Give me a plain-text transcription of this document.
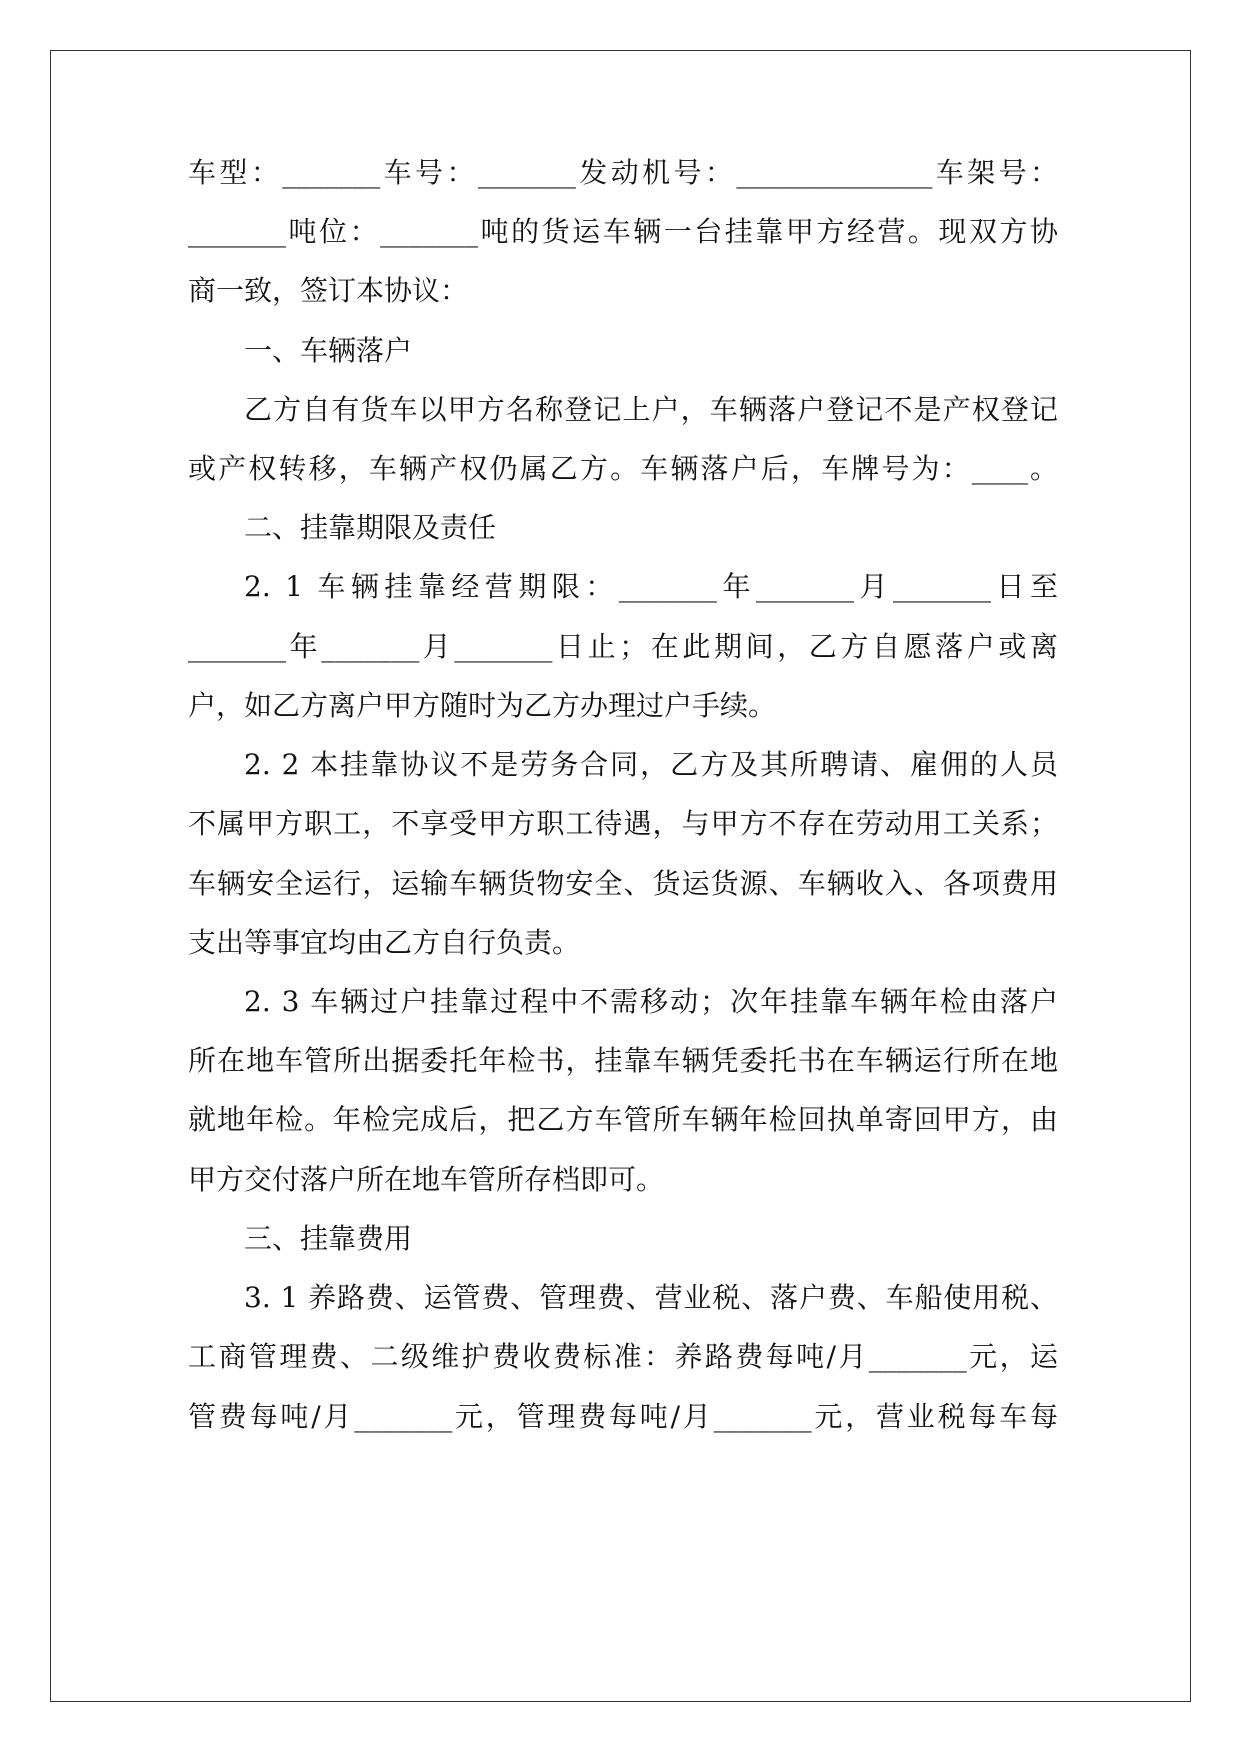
车型：_______车号：_______发动机号：______________车架号：
_______吨位：_______吨的货运车辆一台挂靠甲方经营。现双方协
商一致，签订本协议：
一、车辆落户
乙方自有货车以甲方名称登记上户，车辆落户登记不是产权登记
或产权转移，车辆产权仍属乙方。车辆落户后，车牌号为：____。
二、挂靠期限及责任
2. 1 车辆挂靠经营期限：_______年_______月_______日至
_______年_______月_______日止；在此期间，乙方自愿落户或离
户，如乙方离户甲方随时为乙方办理过户手续。
2. 2 本挂靠协议不是劳务合同，乙方及其所聘请、雇佣的人员
不属甲方职工，不享受甲方职工待遇，与甲方不存在劳动用工关系；
车辆安全运行，运输车辆货物安全、货运货源、车辆收入、各项费用
支出等事宜均由乙方自行负责。
2. 3 车辆过户挂靠过程中不需移动；次年挂靠车辆年检由落户
所在地车管所出据委托年检书，挂靠车辆凭委托书在车辆运行所在地
就地年检。年检完成后，把乙方车管所车辆年检回执单寄回甲方，由
甲方交付落户所在地车管所存档即可。
三、挂靠费用
3. 1 养路费、运管费、管理费、营业税、落户费、车船使用税、
工商管理费、二级维护费收费标准：养路费每吨/月_______元，运
管费每吨/月_______元，管理费每吨/月_______元，营业税每车每
